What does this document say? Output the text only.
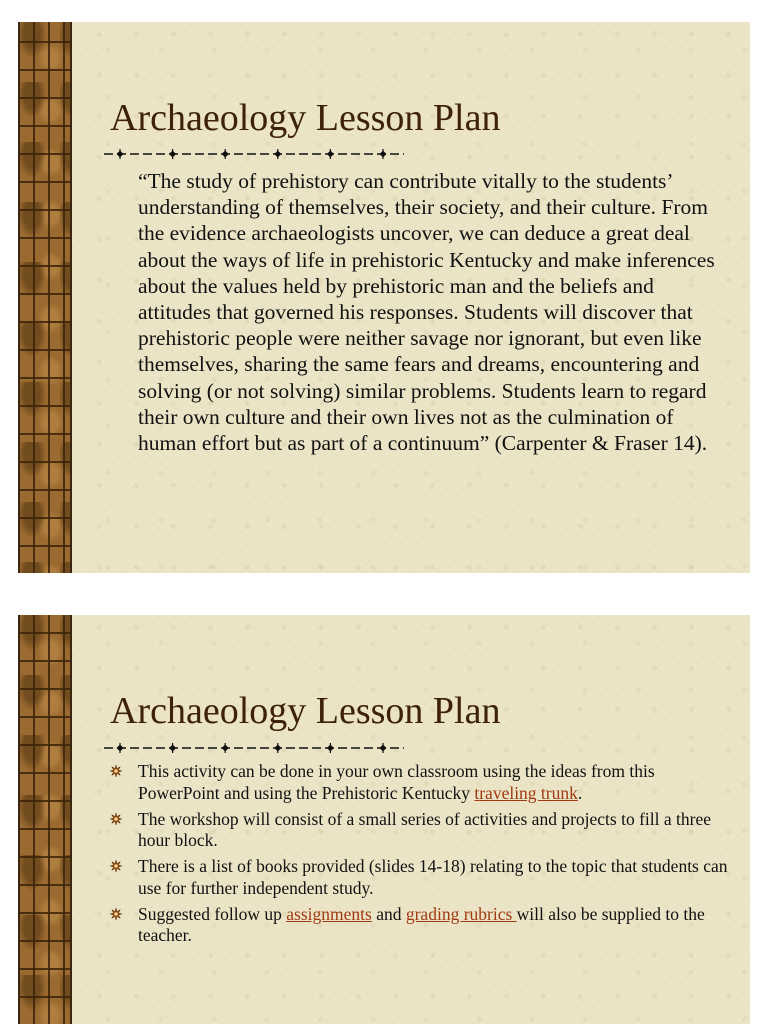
Archaeology Lesson Plan

“The study of prehistory can contribute vitally to the students’ understanding of themselves, their society, and their culture. From the evidence archaeologists uncover, we can deduce a great deal about the ways of life in prehistoric Kentucky and make inferences about the values held by prehistoric man and the beliefs and attitudes that governed his responses. Students will discover that prehistoric people were neither savage nor ignorant, but even like themselves, sharing the same fears and dreams, encountering and solving (or not solving) similar problems. Students learn to regard their own culture and their own lives not as the culmination of human effort but as part of a continuum” (Carpenter & Fraser 14).

Archaeology Lesson Plan
This activity can be done in your own classroom using the ideas from this PowerPoint and using the Prehistoric Kentucky traveling trunk.
The workshop will consist of a small series of activities and projects to fill a three hour block.
There is a list of books provided (slides 14-18) relating to the topic that students can use for further independent study.
Suggested follow up assignments and grading rubrics will also be supplied to the teacher.
